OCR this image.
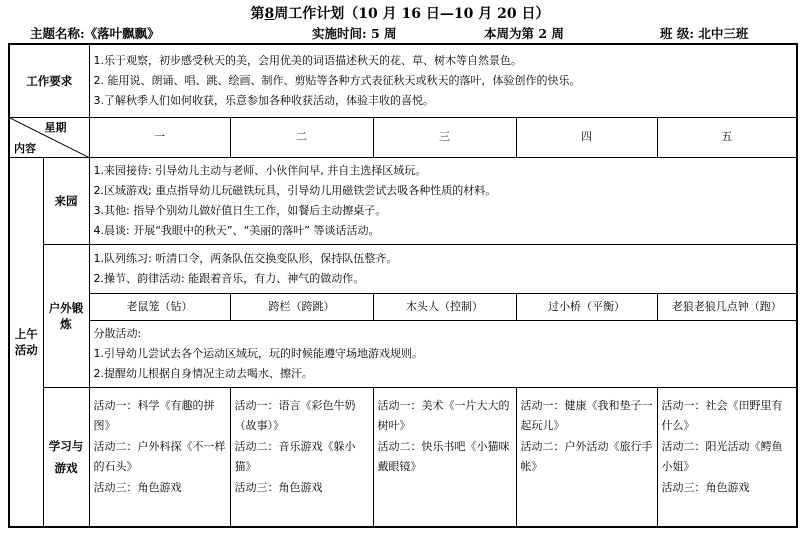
第8周工作计划（10 月 16 日—10 月 20 日）
主题名称:《落叶飘飘》	实施时间: 5 周	本周为第 2 周	班 级: 北中三班
工作要求		1.乐于观察，初步感受秋天的美，会用优美的词语描述秋天的花、草、树木等自然景色。
2. 能用说、朗诵、唱、跳、绘画、制作、剪贴等各种方式表征秋天或秋天的落叶，体验创作的快乐。
3.了解秋季人们如何收获，乐意参加各种收获活动，体验丰收的喜悦。				

星期
内容		一	二	三	四	五
上午活动	来园	1.来园接待: 引导幼儿主动与老师、小伙伴问早, 并自主选择区域玩。
2.区域游戏; 重点指导幼儿玩磁铁玩具，引导幼儿用磁铁尝试去吸各种性质的材料。
3.其他: 指导个别幼儿做好值日生工作，如餐后主动擦桌子。
4.晨谈: 开展“我眼中的秋天”、“美丽的落叶” 等谈话活动。				

	户外锻炼	1.队列练习: 听清口令，两条队伍交换变队形，保持队伍整齐。
2.操节、韵律活动: 能跟着音乐，有力、神气的做动作。				

		老鼠笼（钻）	跨栏（跨跳）	木头人（控制）	过小桥（平衡）	老狼老狼几点钟（跑）

		分散活动:
1.引导幼儿尝试去各个运动区域玩，玩的时候能遵守场地游戏规则。
2.提醒幼儿根据自身情况主动去喝水、擦汗。				

	学习与游戏	活动一：科学《有趣的拼图》
活动二：户外科探《不一样的石头》
活动三：角色游戏	活动一：语言《彩色牛奶（故事）》
活动二：音乐游戏《躲小猫》
活动三：角色游戏	活动一：美术《一片大大的树叶》
活动二：快乐书吧《小猫咪戴眼镜》	活动一：健康《我和垫子一起玩儿》
活动二：户外活动《旅行手帐》	活动一：社会《田野里有什么》
活动二：阳光活动《鳄鱼小姐》
活动三：角色游戏
